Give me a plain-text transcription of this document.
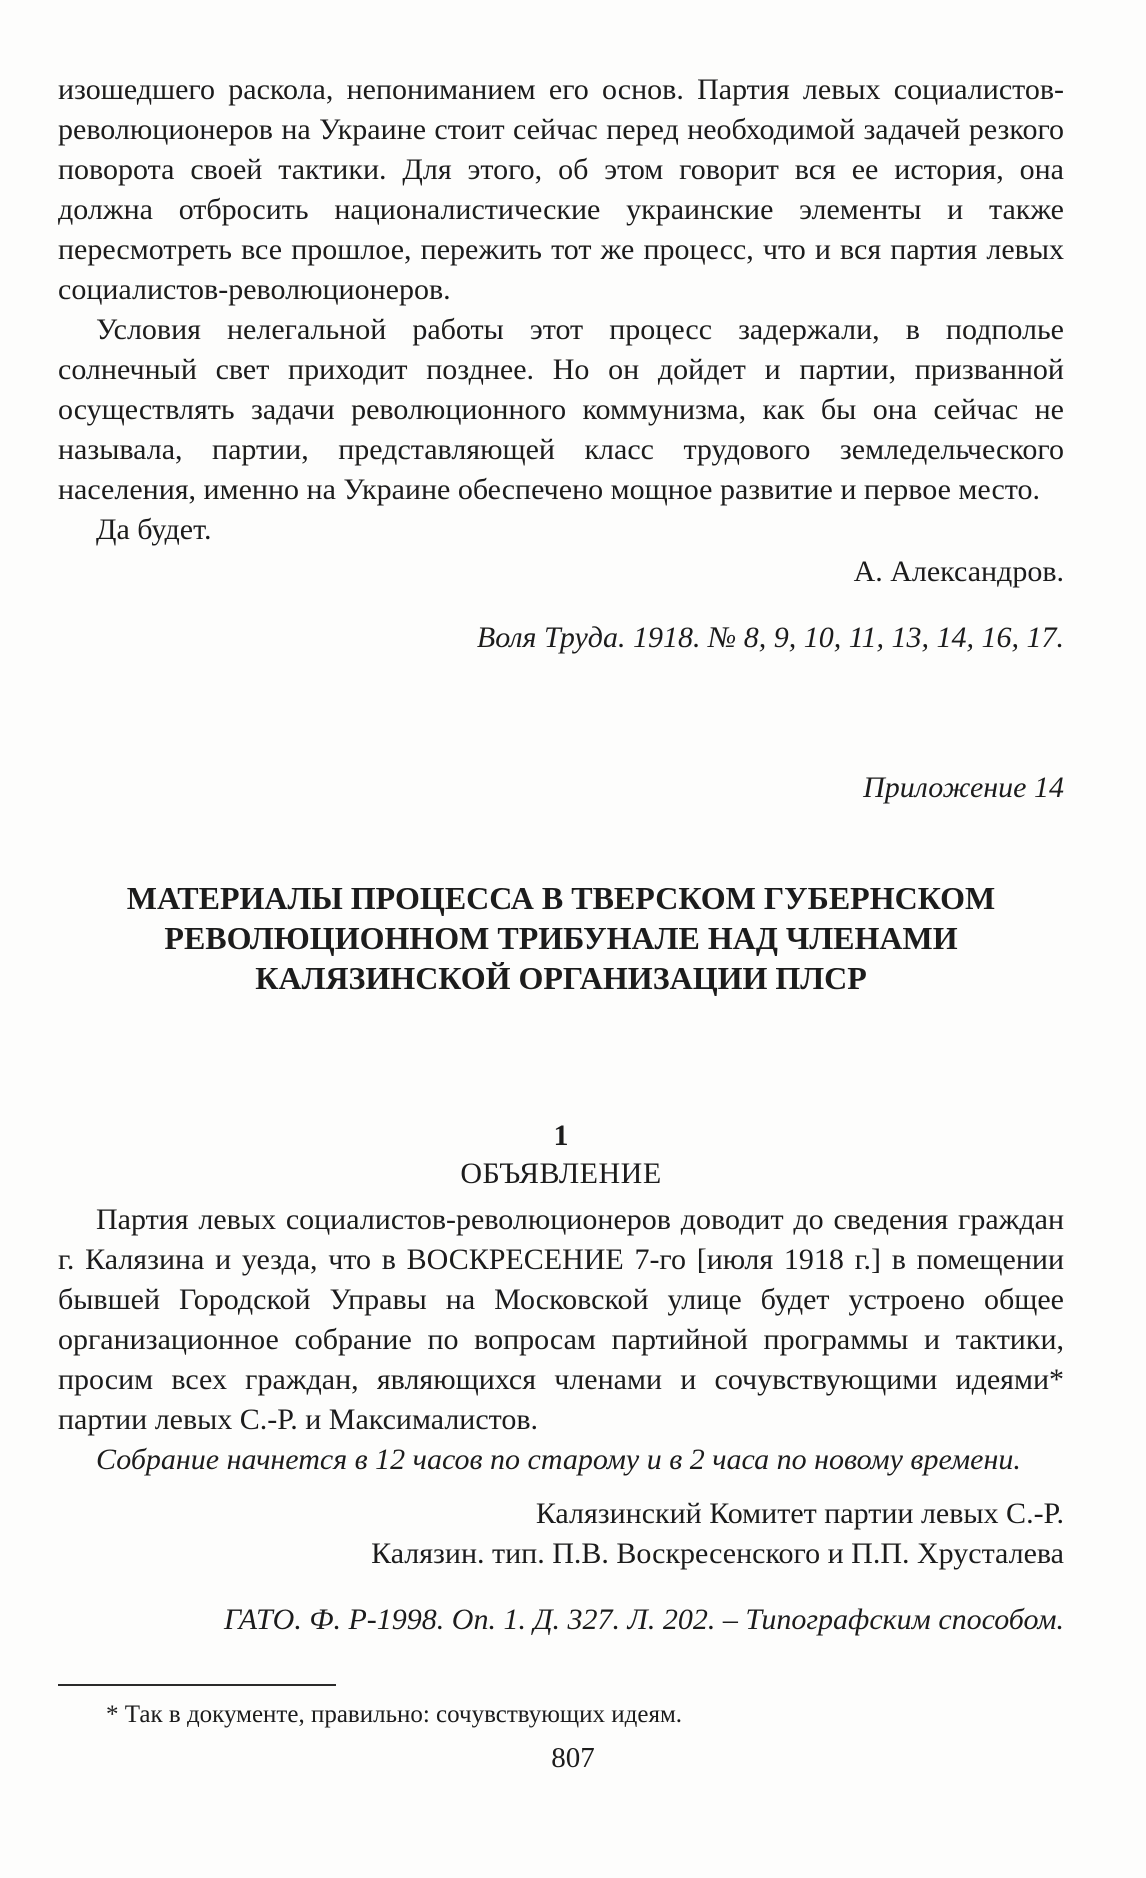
изошедшего раскола, непониманием его основ. Партия левых социалистов-революционеров на Украине стоит сейчас перед необходимой задачей резкого поворота своей тактики. Для этого, об этом говорит вся ее история, она должна отбросить националистические украинские элементы и также пересмотреть все прошлое, пережить тот же процесс, что и вся партия левых социалистов-революционеров.

Условия нелегальной работы этот процесс задержали, в подполье солнечный свет приходит позднее. Но он дойдет и партии, призванной осуществлять задачи революционного коммунизма, как бы она сейчас не называла, партии, представляющей класс трудового земледельческого населения, именно на Украине обеспечено мощное развитие и первое место.

Да будет.

А. Александров.

Воля Труда. 1918. № 8, 9, 10, 11, 13, 14, 16, 17.

Приложение 14

МАТЕРИАЛЫ ПРОЦЕССА В ТВЕРСКОМ ГУБЕРНСКОМ РЕВОЛЮЦИОННОМ ТРИБУНАЛЕ НАД ЧЛЕНАМИ КАЛЯЗИНСКОЙ ОРГАНИЗАЦИИ ПЛСР
1
ОБЪЯВЛЕНИЕ

Партия левых социалистов-революционеров доводит до сведения граждан г. Калязина и уезда, что в ВОСКРЕСЕНИЕ 7-го [июля 1918 г.] в помещении бывшей Городской Управы на Московской улице будет устроено общее организационное собрание по вопросам партийной программы и тактики, просим всех граждан, являющихся членами и сочувствующими идеями* партии левых С.-Р. и Максималистов.

Собрание начнется в 12 часов по старому и в 2 часа по новому времени.

Калязинский Комитет партии левых С.-Р.

Калязин. тип. П.В. Воскресенского и П.П. Хрусталева

ГАТО. Ф. Р-1998. Оп. 1. Д. 327. Л. 202. – Типографским способом.

* Так в документе, правильно: сочувствующих идеям.

807
